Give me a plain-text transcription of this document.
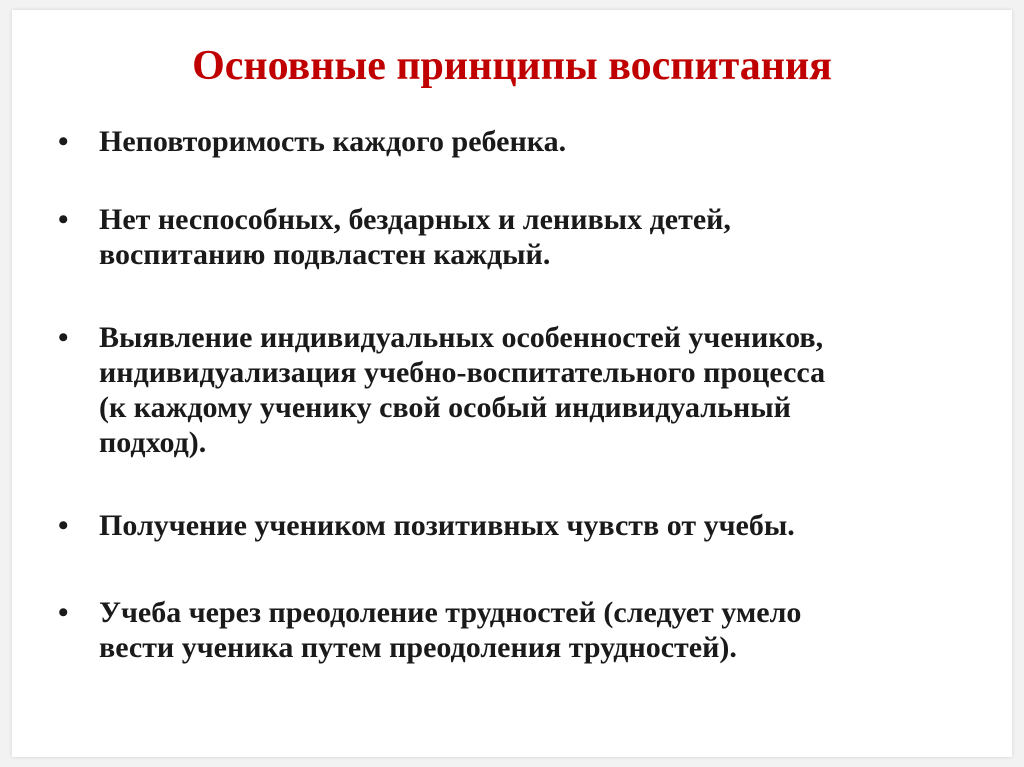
Основные принципы воспитания
• Неповторимость каждого ребенка.
• Нет неспособных, бездарных и ленивых детей,
воспитанию подвластен каждый.
• Выявление индивидуальных особенностей учеников,
индивидуализация учебно-воспитательного процесса
(к каждому ученику свой особый индивидуальный
подход).
• Получение учеником позитивных чувств от учебы.
• Учеба через преодоление трудностей (следует умело
вести ученика путем преодоления трудностей).
